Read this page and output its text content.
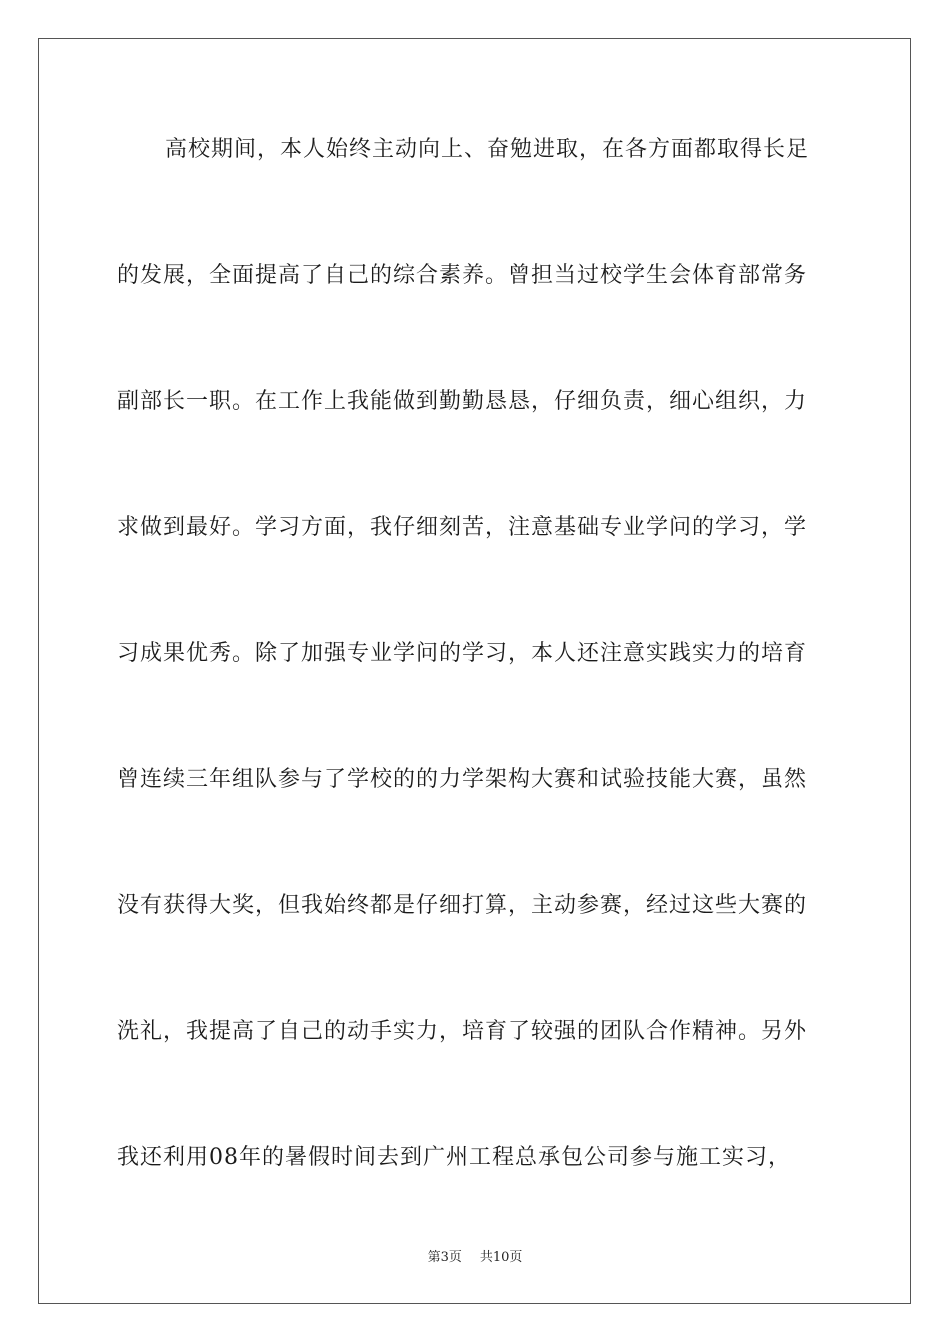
高校期间，本人始终主动向上、奋勉进取，在各方面都取得长足
的发展，全面提高了自己的综合素养。曾担当过校学生会体育部常务
副部长一职。在工作上我能做到勤勤恳恳，仔细负责，细心组织，力
求做到最好。学习方面，我仔细刻苦，注意基础专业学问的学习，学
习成果优秀。除了加强专业学问的学习，本人还注意实践实力的培育
曾连续三年组队参与了学校的的力学架构大赛和试验技能大赛，虽然
没有获得大奖，但我始终都是仔细打算，主动参赛，经过这些大赛的
洗礼，我提高了自己的动手实力，培育了较强的团队合作精神。另外
我还利用08年的暑假时间去到广州工程总承包公司参与施工实习，
第3页 共10页
